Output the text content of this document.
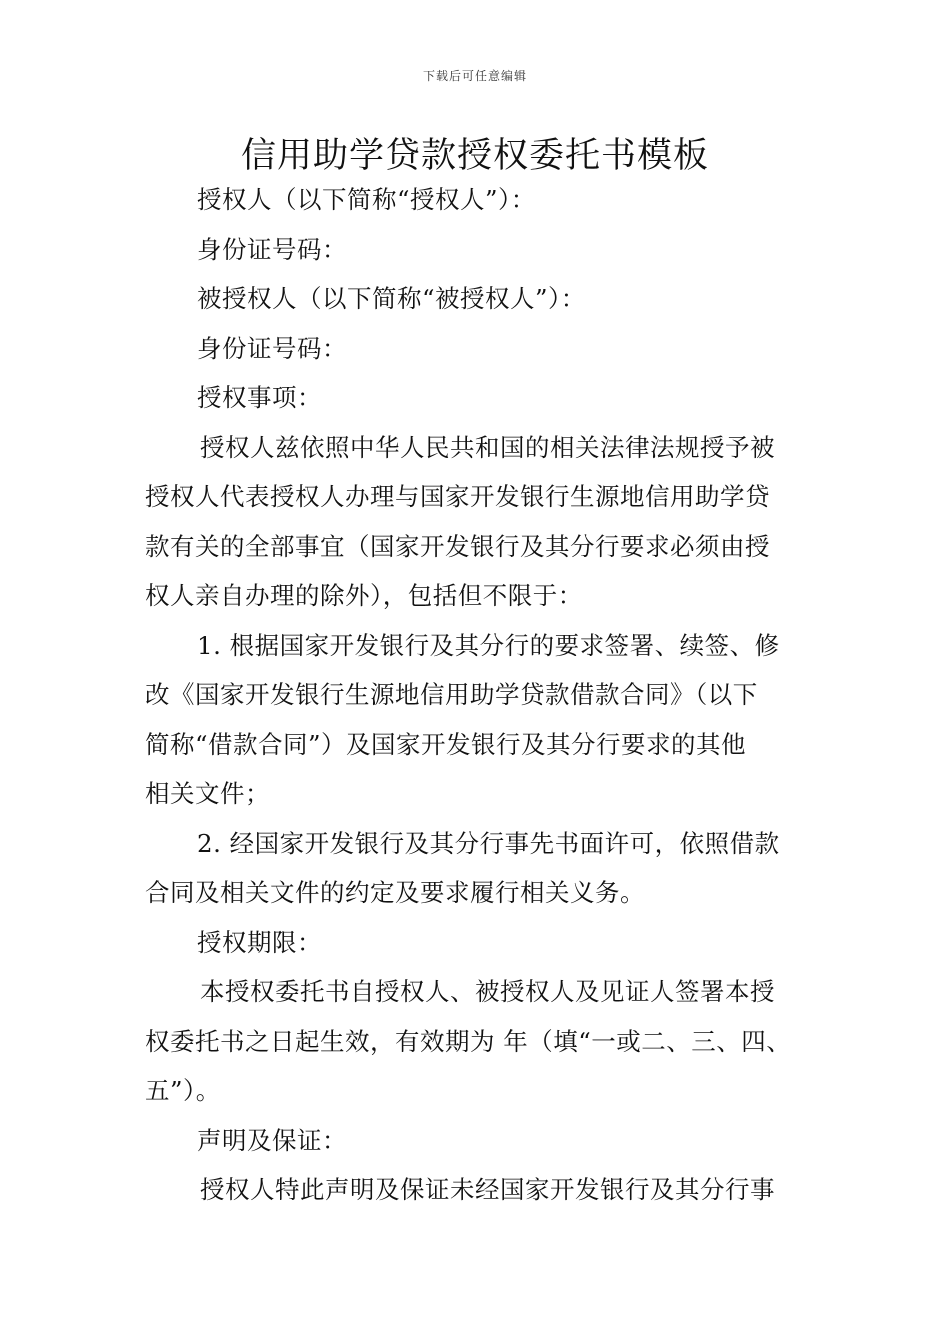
下载后可任意编辑
信用助学贷款授权委托书模板
授权人（以下简称“授权人”）：
身份证号码：
被授权人（以下简称“被授权人”）：
身份证号码：
授权事项：
授权人兹依照中华人民共和国的相关法律法规授予被
授权人代表授权人办理与国家开发银行生源地信用助学贷
款有关的全部事宜（国家开发银行及其分行要求必须由授
权人亲自办理的除外），包括但不限于：
1. 根据国家开发银行及其分行的要求签署、续签、修
改《国家开发银行生源地信用助学贷款借款合同》（以下
简称“借款合同”）及国家开发银行及其分行要求的其他
相关文件；
2. 经国家开发银行及其分行事先书面许可，依照借款
合同及相关文件的约定及要求履行相关义务。
授权期限：
本授权委托书自授权人、被授权人及见证人签署本授
权委托书之日起生效，有效期为 年（填“一或二、三、四、
五”）。
声明及保证：
授权人特此声明及保证未经国家开发银行及其分行事
